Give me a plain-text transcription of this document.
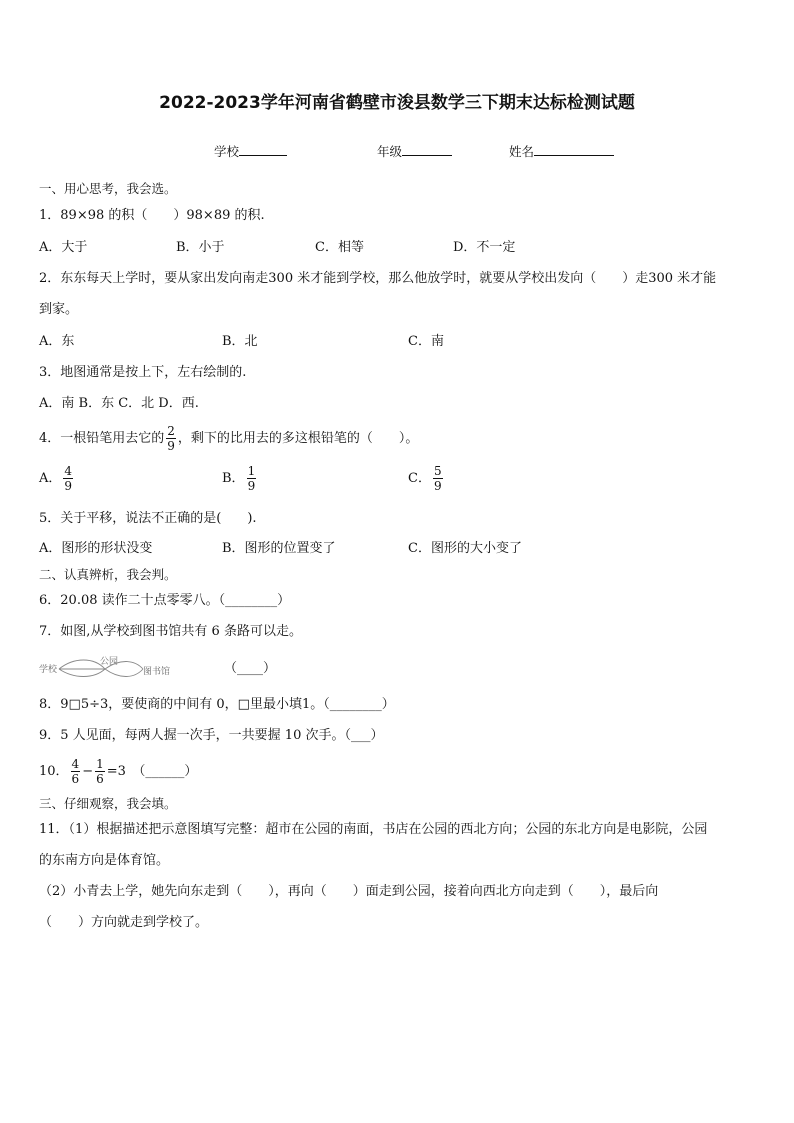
2022-2023学年河南省鹤壁市浚县数学三下期末达标检测试题
学校	年级	姓名
一、用心思考，我会选。
1．89×98 的积（　　）98×89 的积.
A．大于	B．小于	C．相等	D．不一定
2．东东每天上学时，要从家出发向南走300 米才能到学校，那么他放学时，就要从学校出发向（　　）走300 米才能
到家。
A．东	B．北	C．南
3．地图通常是按上下，左右绘制的.
A．南 B．东 C．北 D．西.
4．一根铅笔用去它的 $\frac{2}{9}$ ，剩下的比用去的多这根铅笔的（　　）。
A． $\frac{4}{9}$	B． $\frac{1}{9}$	C． $\frac{5}{9}$
5．关于平移，说法不正确的是(　　).
A．图形的形状没变	B．图形的位置变了	C．图形的大小变了
二、认真辨析，我会判。
6．20.08 读作二十点零零八。（________）
7．如图,从学校到图书馆共有 6 条路可以走。
学校
公园
图书馆	（____）
8．9□5÷3，要使商的中间有 0，□里最小填1。（________）
9．5 人见面，每两人握一次手，一共要握 10 次手。（___）
10． $\frac{4}{6} - \frac{1}{6} =3$　（______）
三、仔细观察，我会填。
11．（1）根据描述把示意图填写完整：超市在公园的南面，书店在公园的西北方向；公园的东北方向是电影院，公园
的东南方向是体育馆。
（2）小青去上学，她先向东走到（　　），再向（　　）面走到公园，接着向西北方向走到（　　），最后向
（　　）方向就走到学校了。
